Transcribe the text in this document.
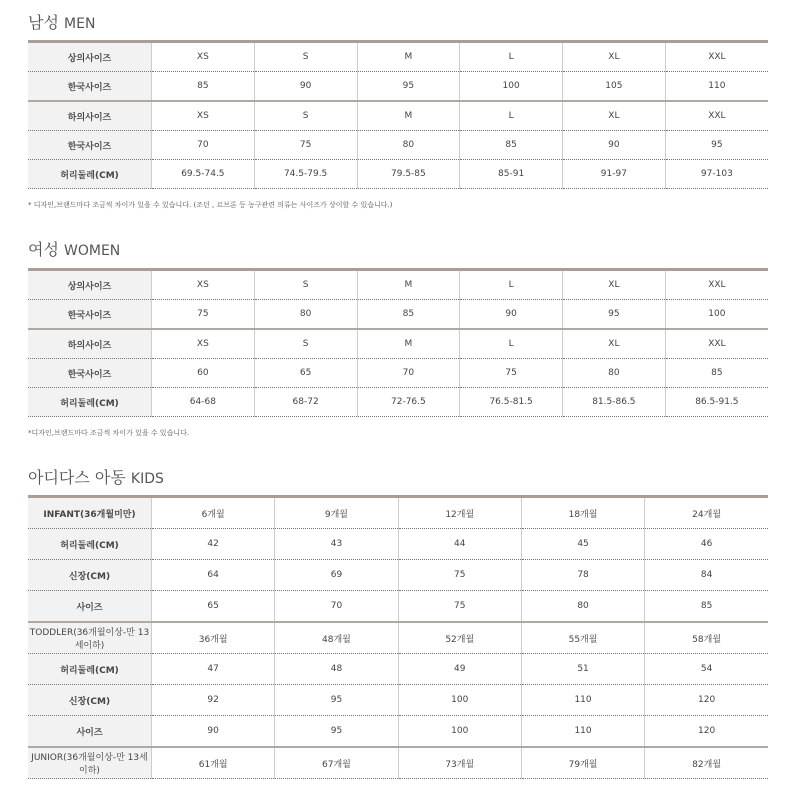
남성 MEN
상의사이즈	XS	S	M	L	XL	XXL
한국사이즈	85	90	95	100	105	110
하의사이즈	XS	S	M	L	XL	XXL
한국사이즈	70	75	80	85	90	95
허리둘레(CM)	69.5-74.5	74.5-79.5	79.5-85	85-91	91-97	97-103
* 디자인,브랜드마다 조금씩 차이가 있을 수 있습니다. (조던 , 르브론 등 농구관련 의류는 사이즈가 상이할 수 있습니다.)
여성 WOMEN
상의사이즈	XS	S	M	L	XL	XXL
한국사이즈	75	80	85	90	95	100
하의사이즈	XS	S	M	L	XL	XXL
한국사이즈	60	65	70	75	80	85
허리둘레(CM)	64-68	68-72	72-76.5	76.5-81.5	81.5-86.5	86.5-91.5
*디자인,브랜드마다 조금씩 차이가 있을 수 있습니다.
아디다스 아동 KIDS
INFANT(36개월미만)	6개월	9개월	12개월	18개월	24개월
허리둘레(CM)	42	43	44	45	46
신장(CM)	64	69	75	78	84
사이즈	65	70	75	80	85
TODDLER(36개월이상-만 13세이하)	36개월	48개월	52개월	55개월	58개월
허리둘레(CM)	47	48	49	51	54
신장(CM)	92	95	100	110	120
사이즈	90	95	100	110	120
JUNIOR(36개월이상-만 13세이하)	61개월	67개월	73개월	79개월	82개월
